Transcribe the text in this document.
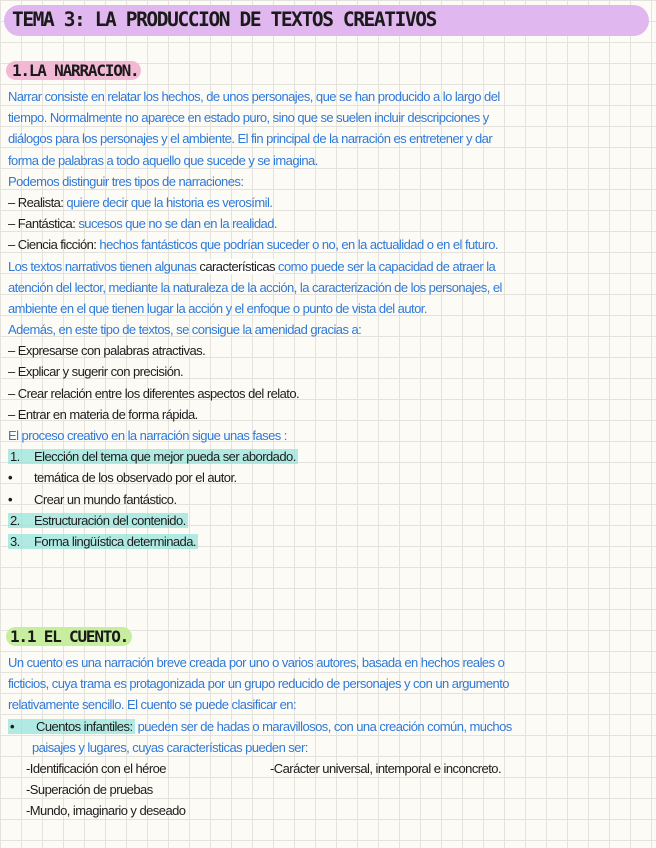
TEMA 3: LA PRODUCCION DE TEXTOS CREATIVOS
1.LA NARRACION.
Narrar consiste en relatar los hechos, de unos personajes, que se han producido a lo largo del
tiempo. Normalmente no aparece en estado puro, sino que se suelen incluir descripciones y
diálogos para los personajes y el ambiente. El fin principal de la narración es entretener y dar
forma de palabras a todo aquello que sucede y se imagina.
Podemos distinguir tres tipos de narraciones:
– Realista: quiere decir que la historia es verosímil.
– Fantástica: sucesos que no se dan en la realidad.
– Ciencia ficción: hechos fantásticos que podrían suceder o no, en la actualidad o en el futuro.
Los textos narrativos tienen algunas características como puede ser la capacidad de atraer la
atención del lector, mediante la naturaleza de la acción, la caracterización de los personajes, el
ambiente en el que tienen lugar la acción y el enfoque o punto de vista del autor.
Además, en este tipo de textos, se consigue la amenidad gracias a:
– Expresarse con palabras atractivas.
– Explicar y sugerir con precisión.
– Crear relación entre los diferentes aspectos del relato.
– Entrar en materia de forma rápida.
El proceso creativo en la narración sigue unas fases :
1. Elección del tema que mejor pueda ser abordado.
• temática de los observado por el autor.
• Crear un mundo fantástico.
2. Estructuración del contenido.
3. Forma lingüística determinada.
1.1 EL CUENTO.
Un cuento es una narración breve creada por uno o varios autores, basada en hechos reales o
ficticios, cuya trama es protagonizada por un grupo reducido de personajes y con un argumento
relativamente sencillo. El cuento se puede clasificar en:
• Cuentos infantiles: pueden ser de hadas o maravillosos, con una creación común, muchos
paisajes y lugares, cuyas características pueden ser:
-Identificación con el héroe	-Carácter universal, intemporal e inconcreto.
-Superación de pruebas
-Mundo, imaginario y deseado
